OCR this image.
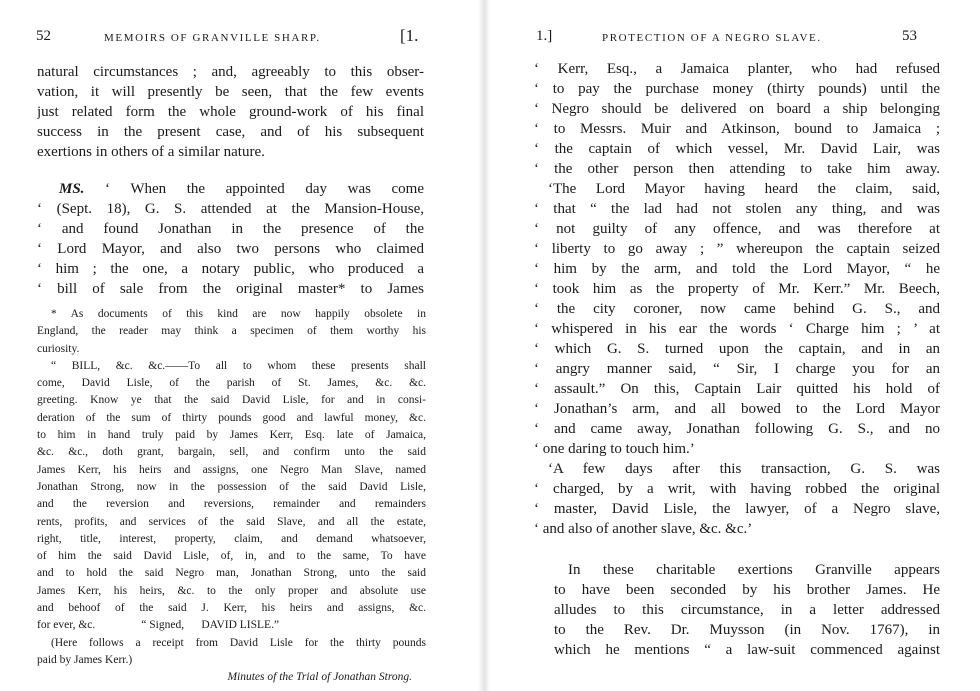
52	MEMOIRS OF GRANVILLE SHARP.	[1.
natural circumstances ; and, agreeably to this obser-
vation, it will presently be seen, that the few events
just related form the whole ground-work of his final
success in the present case, and of his subsequent
exertions in others of a similar nature.
MS. ‘ When the appointed day was come
‘ (Sept. 18), G. S. attended at the Mansion-House,
‘ and found Jonathan in the presence of the
‘ Lord Mayor, and also two persons who claimed
‘ him ; the one, a notary public, who produced a
‘ bill of sale from the original master* to James
* As documents of this kind are now happily obsolete in
England, the reader may think a specimen of them worthy his
curiosity.
“ BILL, &c. &c.——To all to whom these presents shall
come, David Lisle, of the parish of St. James, &c. &c.
greeting. Know ye that the said David Lisle, for and in consi-
deration of the sum of thirty pounds good and lawful money, &c.
to him in hand truly paid by James Kerr, Esq. late of Jamaica,
&c. &c., doth grant, bargain, sell, and confirm unto the said
James Kerr, his heirs and assigns, one Negro Man Slave, named
Jonathan Strong, now in the possession of the said David Lisle,
and the reversion and reversions, remainder and remainders
rents, profits, and services of the said Slave, and all the estate,
right, title, interest, property, claim, and demand whatsoever,
of him the said David Lisle, of, in, and to the same, To have
and to hold the said Negro man, Jonathan Strong, unto the said
James Kerr, his heirs, &c. to the only proper and absolute use
and behoof of the said J. Kerr, his heirs and assigns, &c.
for ever, &c.                “ Signed,      DAVID LISLE.”
(Here follows a receipt from David Lisle for the thirty pounds
paid by James Kerr.)
Minutes of the Trial of Jonathan Strong.
1.]	PROTECTION OF A NEGRO SLAVE.	53
‘ Kerr, Esq., a Jamaica planter, who had refused
‘ to pay the purchase money (thirty pounds) until the
‘ Negro should be delivered on board a ship belonging
‘ to Messrs. Muir and Atkinson, bound to Jamaica ;
‘ the captain of which vessel, Mr. David Lair, was
‘ the other person then attending to take him away.
‘The Lord Mayor having heard the claim, said,
‘ that “ the lad had not stolen any thing, and was
‘ not guilty of any offence, and was therefore at
‘ liberty to go away ; ” whereupon the captain seized
‘ him by the arm, and told the Lord Mayor, “ he
‘ took him as the property of Mr. Kerr.” Mr. Beech,
‘ the city coroner, now came behind G. S., and
‘ whispered in his ear the words ‘ Charge him ; ’ at
‘ which G. S. turned upon the captain, and in an
‘ angry manner said, “ Sir, I charge you for an
‘ assault.” On this, Captain Lair quitted his hold of
‘ Jonathan’s arm, and all bowed to the Lord Mayor
‘ and came away, Jonathan following G. S., and no
‘ one daring to touch him.’
‘A few days after this transaction, G. S. was
‘ charged, by a writ, with having robbed the original
‘ master, David Lisle, the lawyer, of a Negro slave,
‘ and also of another slave, &c. &c.’
In these charitable exertions Granville appears
to have been seconded by his brother James. He
alludes to this circumstance, in a letter addressed
to the Rev. Dr. Muysson (in Nov. 1767), in
which he mentions “ a law-suit commenced against
